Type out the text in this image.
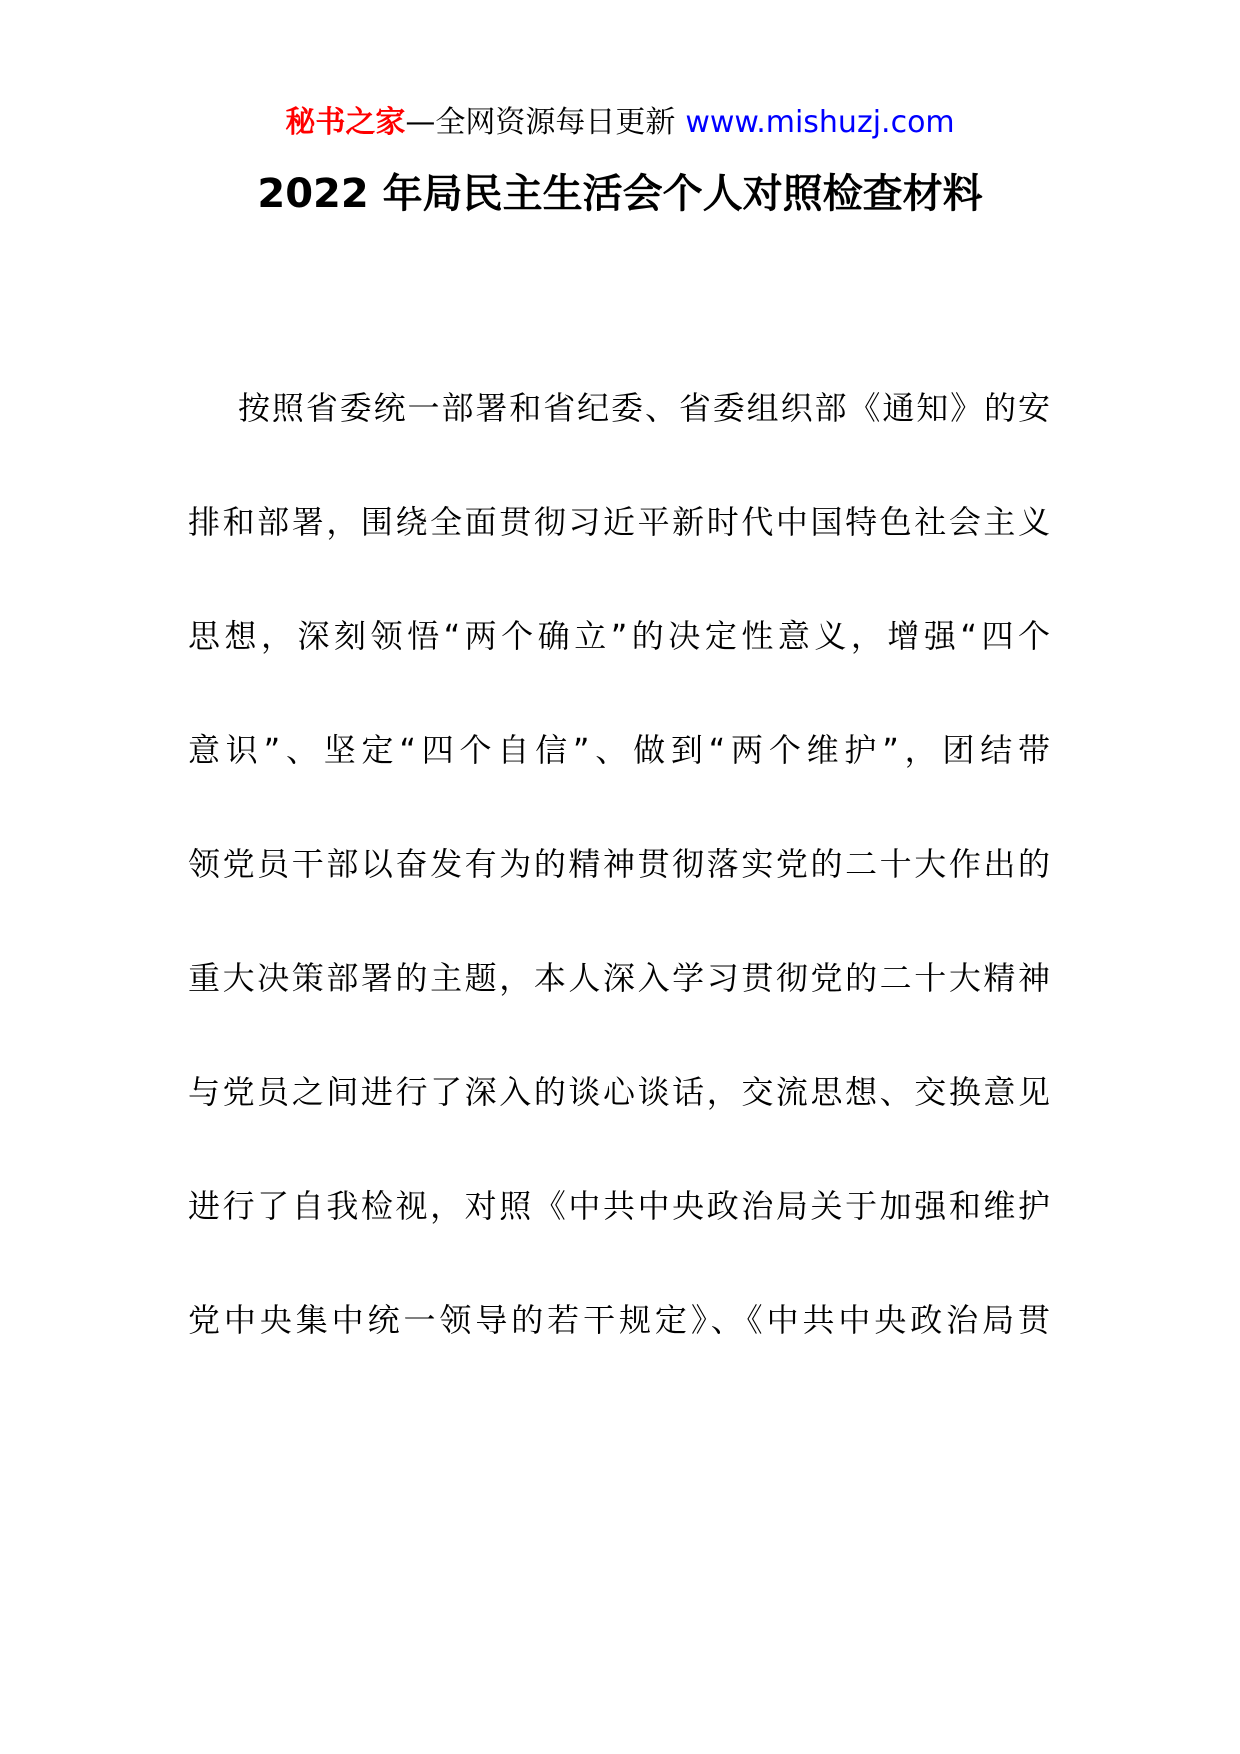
秘书之家—全网资源每日更新 www.mishuzj.com
2022 年局民主生活会个人对照检查材料
按照省委统一部署和省纪委、省委组织部《通知》的安
排和部署，围绕全面贯彻习近平新时代中国特色社会主义
思想，深刻领悟“两个确立”的决定性意义，增强“四个
意识”、坚定“四个自信”、做到“两个维护”，团结带
领党员干部以奋发有为的精神贯彻落实党的二十大作出的
重大决策部署的主题，本人深入学习贯彻党的二十大精神
与党员之间进行了深入的谈心谈话，交流思想、交换意见
进行了自我检视，对照《中共中央政治局关于加强和维护
党中央集中统一领导的若干规定》、《中共中央政治局贯
